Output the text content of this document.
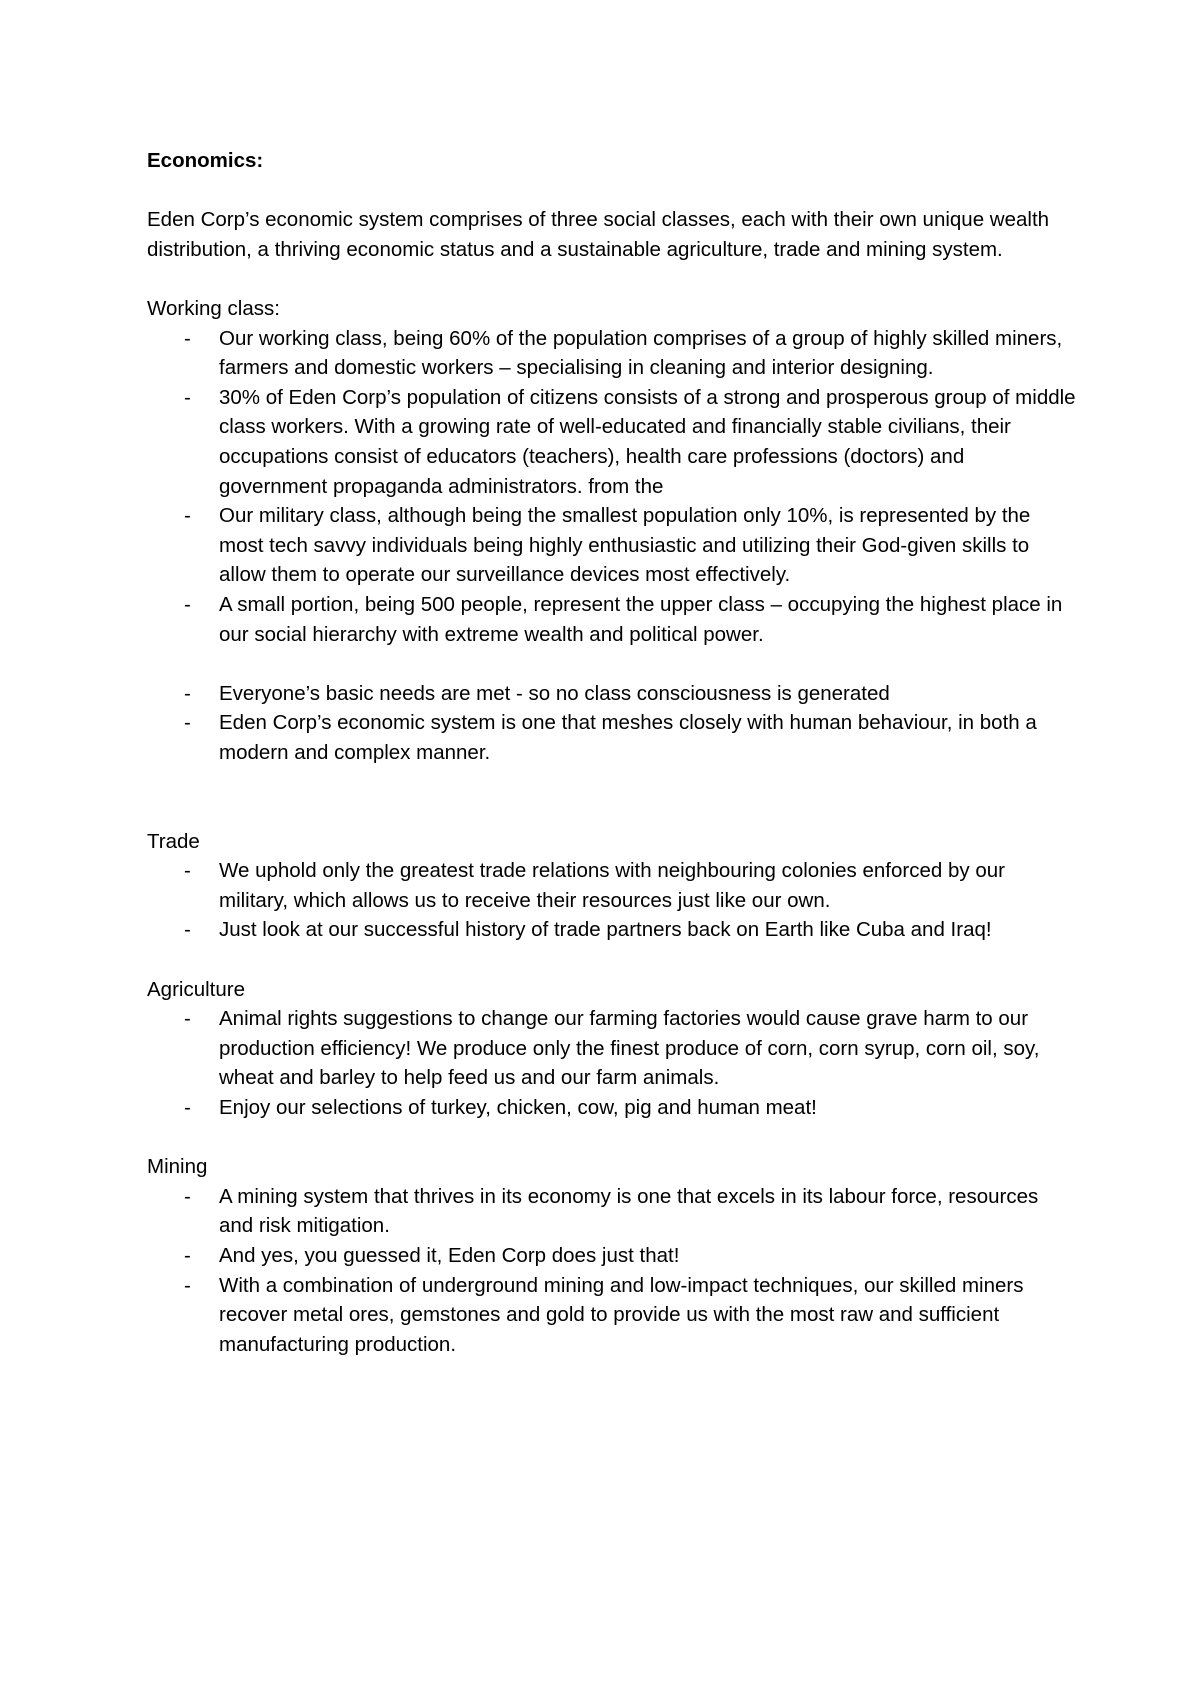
Economics:

Eden Corp’s economic system comprises of three social classes, each with their own unique wealth distribution, a thriving economic status and a sustainable agriculture, trade and mining system.

Working class:

- Our working class, being 60% of the population comprises of a group of highly skilled miners, farmers and domestic workers – specialising in cleaning and interior designing.
- 30% of Eden Corp’s population of citizens consists of a strong and prosperous group of middle class workers. With a growing rate of well-educated and financially stable civilians, their occupations consist of educators (teachers), health care professions (doctors) and government propaganda administrators. from the
- Our military class, although being the smallest population only 10%, is represented by the most tech savvy individuals being highly enthusiastic and utilizing their God-given skills to allow them to operate our surveillance devices most effectively.
- A small portion, being 500 people, represent the upper class – occupying the highest place in our social hierarchy with extreme wealth and political power.
- Everyone’s basic needs are met - so no class consciousness is generated
- Eden Corp’s economic system is one that meshes closely with human behaviour, in both a modern and complex manner.

Trade

- We uphold only the greatest trade relations with neighbouring colonies enforced by our military, which allows us to receive their resources just like our own.
- Just look at our successful history of trade partners back on Earth like Cuba and Iraq!

Agriculture

- Animal rights suggestions to change our farming factories would cause grave harm to our production efficiency! We produce only the finest produce of corn, corn syrup, corn oil, soy, wheat and barley to help feed us and our farm animals.
- Enjoy our selections of turkey, chicken, cow, pig and human meat!

Mining

- A mining system that thrives in its economy is one that excels in its labour force, resources and risk mitigation.
- And yes, you guessed it, Eden Corp does just that!
- With a combination of underground mining and low-impact techniques, our skilled miners recover metal ores, gemstones and gold to provide us with the most raw and sufficient manufacturing production.
